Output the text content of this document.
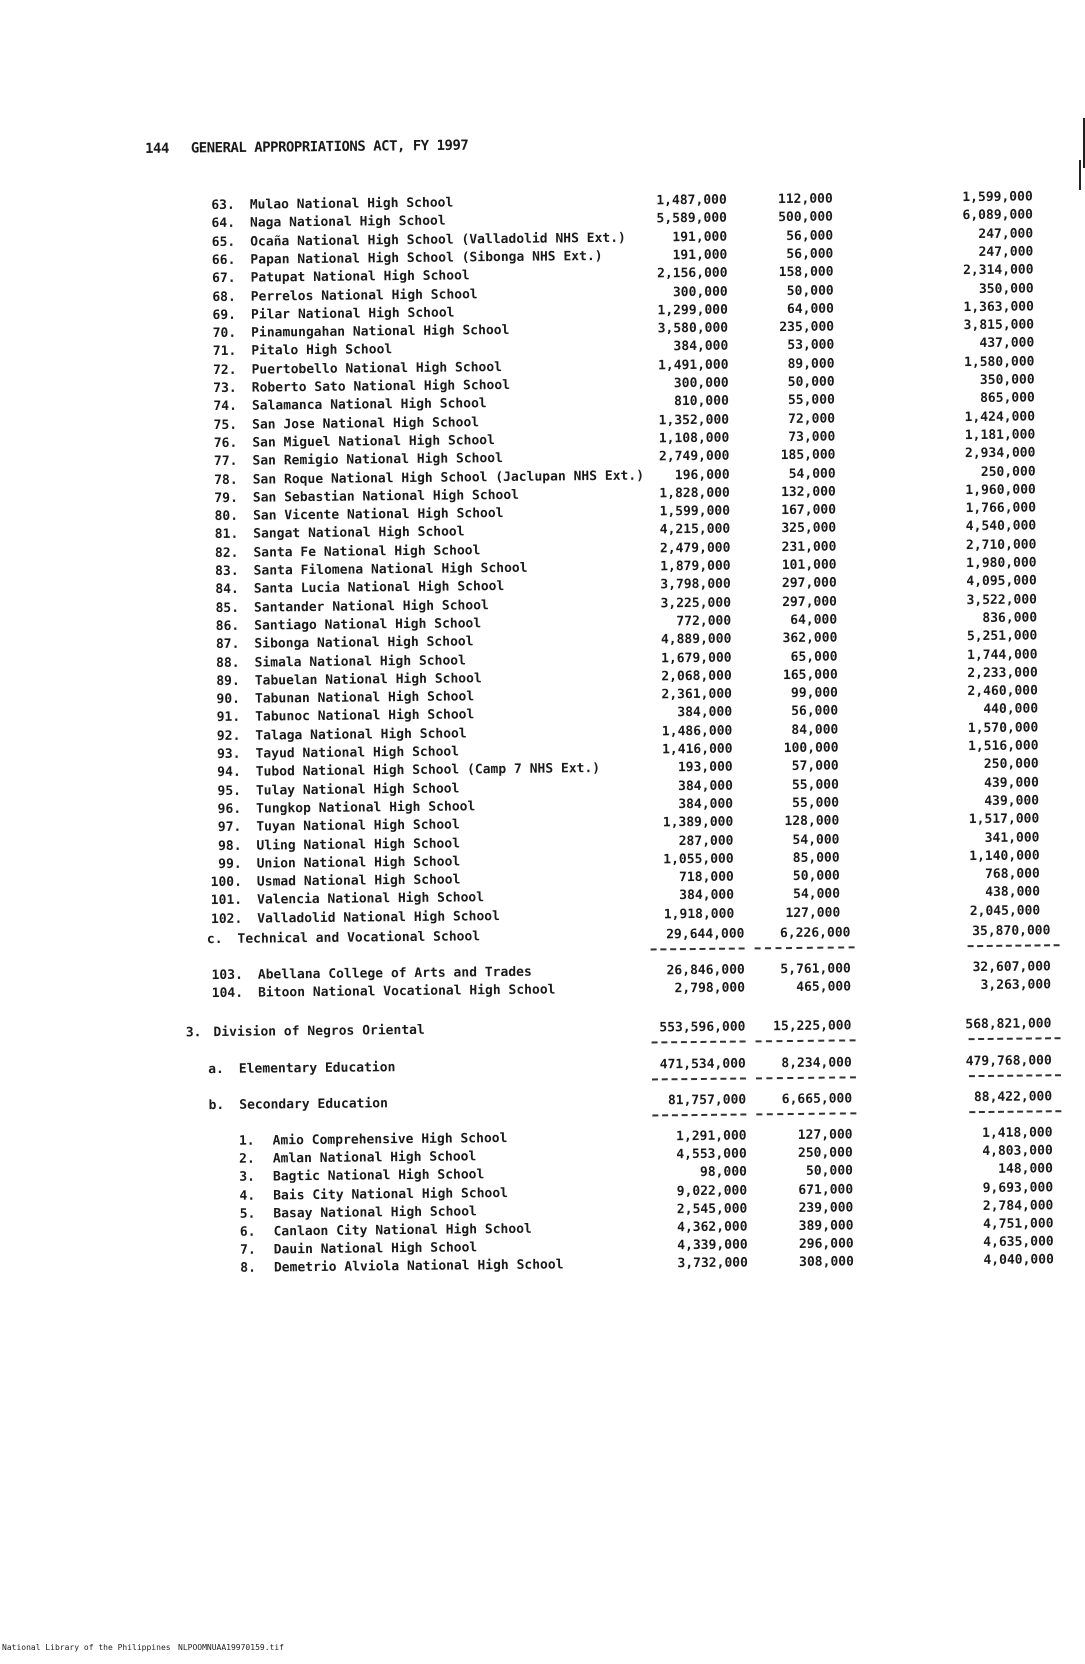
144 GENERAL APPROPRIATIONS ACT, FY 1997
63. Mulao National High School	1,487,000	112,000	1,599,000
64. Naga National High School	5,589,000	500,000	6,089,000
65. Ocaña National High School (Valladolid NHS Ext.)	191,000	56,000	247,000
66. Papan National High School (Sibonga NHS Ext.)	191,000	56,000	247,000
67. Patupat National High School	2,156,000	158,000	2,314,000
68. Perrelos National High School	300,000	50,000	350,000
69. Pilar National High School	1,299,000	64,000	1,363,000
70. Pinamungahan National High School	3,580,000	235,000	3,815,000
71. Pitalo High School	384,000	53,000	437,000
72. Puertobello National High School	1,491,000	89,000	1,580,000
73. Roberto Sato National High School	300,000	50,000	350,000
74. Salamanca National High School	810,000	55,000	865,000
75. San Jose National High School	1,352,000	72,000	1,424,000
76. San Miguel National High School	1,108,000	73,000	1,181,000
77. San Remigio National High School	2,749,000	185,000	2,934,000
78. San Roque National High School (Jaclupan NHS Ext.)	196,000	54,000	250,000
79. San Sebastian National High School	1,828,000	132,000	1,960,000
80. San Vicente National High School	1,599,000	167,000	1,766,000
81. Sangat National High School	4,215,000	325,000	4,540,000
82. Santa Fe National High School	2,479,000	231,000	2,710,000
83. Santa Filomena National High School	1,879,000	101,000	1,980,000
84. Santa Lucia National High School	3,798,000	297,000	4,095,000
85. Santander National High School	3,225,000	297,000	3,522,000
86. Santiago National High School	772,000	64,000	836,000
87. Sibonga National High School	4,889,000	362,000	5,251,000
88. Simala National High School	1,679,000	65,000	1,744,000
89. Tabuelan National High School	2,068,000	165,000	2,233,000
90. Tabunan National High School	2,361,000	99,000	2,460,000
91. Tabunoc National High School	384,000	56,000	440,000
92. Talaga National High School	1,486,000	84,000	1,570,000
93. Tayud National High School	1,416,000	100,000	1,516,000
94. Tubod National High School (Camp 7 NHS Ext.)	193,000	57,000	250,000
95. Tulay National High School	384,000	55,000	439,000
96. Tungkop National High School	384,000	55,000	439,000
97. Tuyan National High School	1,389,000	128,000	1,517,000
98. Uling National High School	287,000	54,000	341,000
99. Union National High School	1,055,000	85,000	1,140,000
100. Usmad National High School	718,000	50,000	768,000
101. Valencia National High School	384,000	54,000	438,000
102. Valladolid National High School	1,918,000	127,000	2,045,000
c. Technical and Vocational School	29,644,000	6,226,000	35,870,000
103. Abellana College of Arts and Trades	26,846,000	5,761,000	32,607,000
104. Bitoon National Vocational High School	2,798,000	465,000	3,263,000
3. Division of Negros Oriental	553,596,000	15,225,000	568,821,000
a. Elementary Education	471,534,000	8,234,000	479,768,000
b. Secondary Education	81,757,000	6,665,000	88,422,000
1. Amio Comprehensive High School	1,291,000	127,000	1,418,000
2. Amlan National High School	4,553,000	250,000	4,803,000
3. Bagtic National High School	98,000	50,000	148,000
4. Bais City National High School	9,022,000	671,000	9,693,000
5. Basay National High School	2,545,000	239,000	2,784,000
6. Canlaon City National High School	4,362,000	389,000	4,751,000
7. Dauin National High School	4,339,000	296,000	4,635,000
8. Demetrio Alviola National High School	3,732,000	308,000	4,040,000
National Library of the Philippines NLPOOMNUAA19970159.tif
